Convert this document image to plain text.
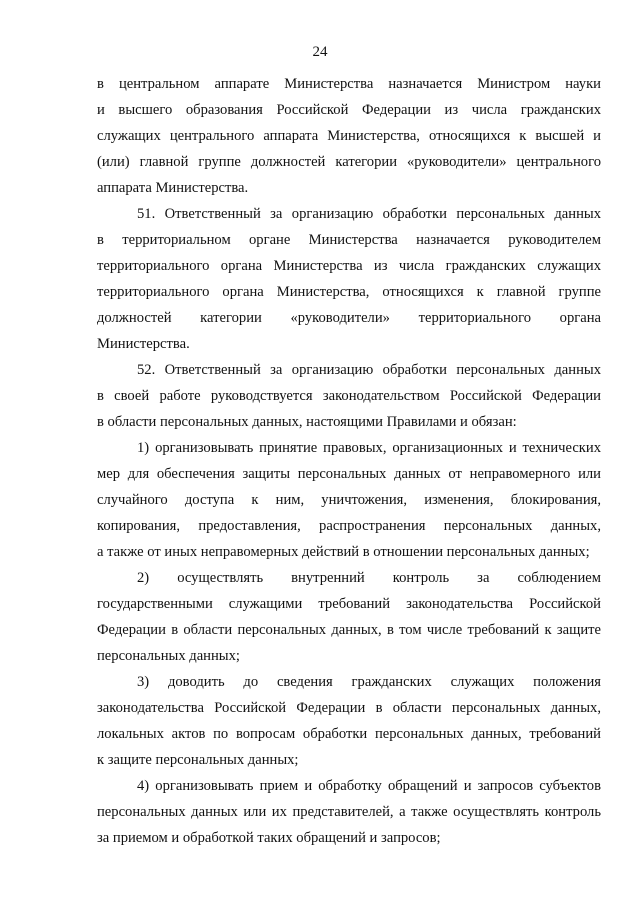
24
в центральном аппарате Министерства назначается Министром науки
и высшего образования Российской Федерации из числа гражданских
служащих центрального аппарата Министерства, относящихся к высшей и
(или) главной группе должностей категории «руководители» центрального
аппарата Министерства.
51. Ответственный за организацию обработки персональных данных
в территориальном органе Министерства назначается руководителем
территориального органа Министерства из числа гражданских служащих
территориального органа Министерства, относящихся к главной группе
должностей категории «руководители» территориального органа
Министерства.
52. Ответственный за организацию обработки персональных данных
в своей работе руководствуется законодательством Российской Федерации
в области персональных данных, настоящими Правилами и обязан:
1) организовывать принятие правовых, организационных и технических
мер для обеспечения защиты персональных данных от неправомерного или
случайного доступа к ним, уничтожения, изменения, блокирования,
копирования, предоставления, распространения персональных данных,
а также от иных неправомерных действий в отношении персональных данных;
2) осуществлять внутренний контроль за соблюдением
государственными служащими требований законодательства Российской
Федерации в области персональных данных, в том числе требований к защите
персональных данных;
3) доводить до сведения гражданских служащих положения
законодательства Российской Федерации в области персональных данных,
локальных актов по вопросам обработки персональных данных, требований
к защите персональных данных;
4) организовывать прием и обработку обращений и запросов субъектов
персональных данных или их представителей, а также осуществлять контроль
за приемом и обработкой таких обращений и запросов;
